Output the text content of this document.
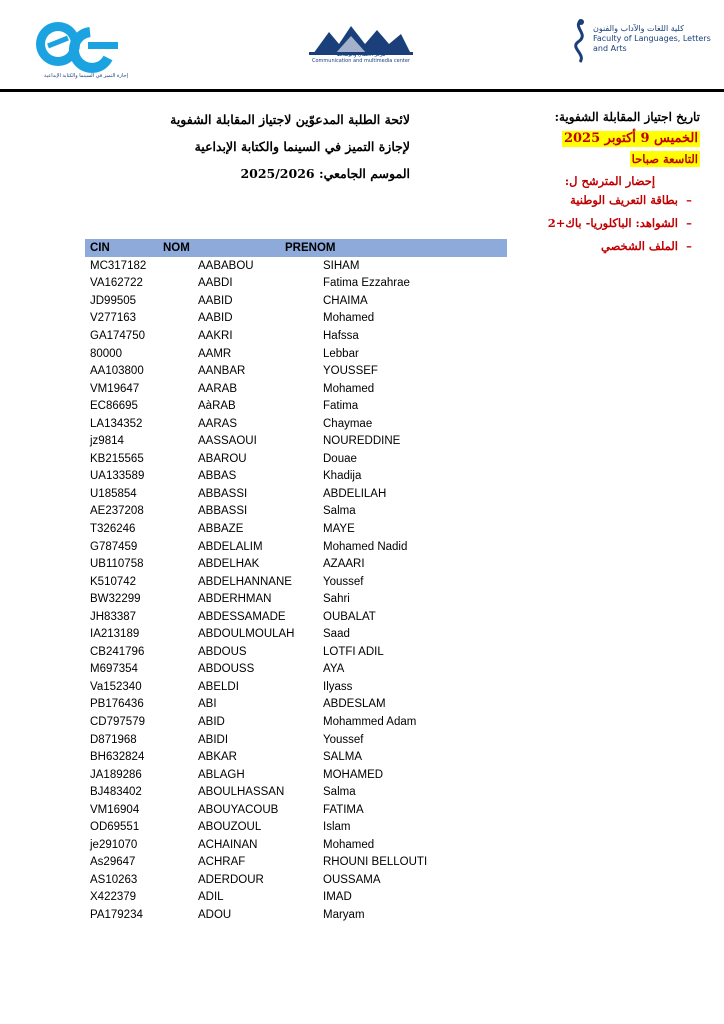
إجازة التميز في السينما والكتابة الإبداعية
مركز الاتصال والوسائط
Communication and multimedia center
كلية اللغات والآداب والفنون
Faculty of Languages, Letters and Arts
لائحة الطلبة المدعوّين لاجتياز المقابلة الشفوية
لإجازة التميز في السينما والكتابة الإبداعية
الموسم الجامعي: 2025/2026
تاريخ اجتياز المقابلة الشفوية:
الخميس 9 أكتوبر 2025
التاسعة صباحا
إحضار المترشح ل:
–
بطاقة التعريف الوطنية
–
الشواهد: الباكلوريا- باك+2
–
الملف الشخصي
CIN	NOM	PRENOM
MC317182	AABABOU	SIHAM
VA162722	AABDI	Fatima Ezzahrae
JD99505	AABID	CHAIMA
V277163	AABID	Mohamed
GA174750	AAKRI	Hafssa
80000	AAMR	Lebbar
AA103800	AANBAR	YOUSSEF
VM19647	AARAB	Mohamed
EC86695	AàRAB	Fatima
LA134352	AARAS	Chaymae
jz9814	AASSAOUI	NOUREDDINE
KB215565	ABAROU	Douae
UA133589	ABBAS	Khadija
U185854	ABBASSI	ABDELILAH
AE237208	ABBASSI	Salma
T326246	ABBAZE	MAYE
G787459	ABDELALIM	Mohamed Nadid
UB110758	ABDELHAK	AZAARI
K510742	ABDELHANNANE	Youssef
BW32299	ABDERHMAN	Sahri
JH83387	ABDESSAMADE	OUBALAT
IA213189	ABDOULMOULAH	Saad
CB241796	ABDOUS	LOTFI ADIL
M697354	ABDOUSS	AYA
Va152340	ABELDI	Ilyass
PB176436	ABI	ABDESLAM
CD797579	ABID	Mohammed Adam
D871968	ABIDI	Youssef
BH632824	ABKAR	SALMA
JA189286	ABLAGH	MOHAMED
BJ483402	ABOULHASSAN	Salma
VM16904	ABOUYACOUB	FATIMA
OD69551	ABOUZOUL	Islam
je291070	ACHAINAN	Mohamed
As29647	ACHRAF	RHOUNI BELLOUTI
AS10263	ADERDOUR	OUSSAMA
X422379	ADIL	IMAD
PA179234	ADOU	Maryam
